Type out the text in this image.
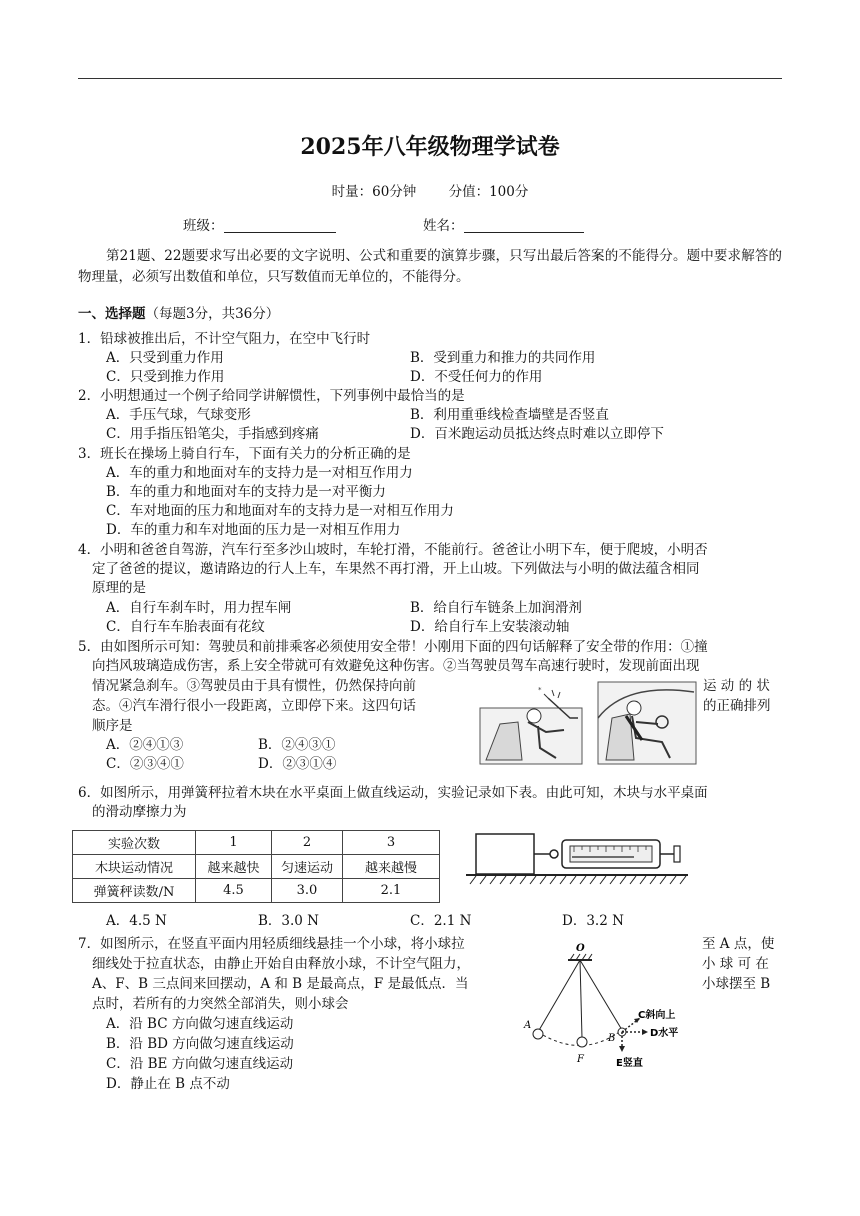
2025年八年级物理学试卷
时量：60分钟 分值：100分
班级：	姓名：
第21题、22题要求写出必要的文字说明、公式和重要的演算步骤，只写出最后答案的不能得分。题中要求解答的物理量，必须写出数值和单位，只写数值而无单位的，不能得分。
一、选择题（每题3分，共36分）
1．铅球被推出后，不计空气阻力，在空中飞行时
A．只受到重力作用	B．受到重力和推力的共同作用
C．只受到推力作用	D．不受任何力的作用
2．小明想通过一个例子给同学讲解惯性，下列事例中最恰当的是
A．手压气球，气球变形	B．利用重垂线检查墙壁是否竖直
C．用手指压铅笔尖，手指感到疼痛	D．百米跑运动员抵达终点时难以立即停下
3．班长在操场上骑自行车，下面有关力的分析正确的是
A．车的重力和地面对车的支持力是一对相互作用力
B．车的重力和地面对车的支持力是一对平衡力
C．车对地面的压力和地面对车的支持力是一对相互作用力
D．车的重力和车对地面的压力是一对相互作用力
4．小明和爸爸自驾游，汽车行至多沙山坡时，车轮打滑，不能前行。爸爸让小明下车，便于爬坡，小明否
定了爸爸的提议，邀请路边的行人上车，车果然不再打滑，开上山坡。下列做法与小明的做法蕴含相同
原理的是
A．自行车刹车时，用力捏车闸	B．给自行车链条上加润滑剂
C．自行车车胎表面有花纹	D．给自行车上安装滚动轴
5．由如图所示可知：驾驶员和前排乘客必须使用安全带！小刚用下面的四句话解释了安全带的作用：①撞
向挡风玻璃造成伤害，系上安全带就可有效避免这种伤害。②当驾驶员驾车高速行驶时，发现前面出现
情况紧急刹车。③驾驶员由于具有惯性，仍然保持向前	运 动 的 状
态。④汽车滑行很小一段距离，立即停下来。这四句话	的正确排列
顺序是
A．②④①③	B．②④③①
C．②③④①	D．②③①④
*
6．如图所示，用弹簧秤拉着木块在水平桌面上做直线运动，实验记录如下表。由此可知，木块与水平桌面
的滑动摩擦力为
实验次数	1	2	3
木块运动情况	越来越快	匀速运动	越来越慢
弹簧秤读数/N	4.5	3.0	2.1
A．4.5 N	B．3.0 N	C．2.1 N	D．3.2 N
7．如图所示，在竖直平面内用轻质细线悬挂一个小球，将小球拉	至 A 点，使
细线处于拉直状态，由静止开始自由释放小球，不计空气阻力，	小 球 可 在
A、F、B 三点间来回摆动，A 和 B 是最高点，F 是最低点．当	小球摆至 B
点时，若所有的力突然全部消失，则小球会
A．沿 BC 方向做匀速直线运动
B．沿 BD 方向做匀速直线运动
C．沿 BE 方向做匀速直线运动
D．静止在 B 点不动
O
A
F
B
C斜向上
D水平
E竖直
